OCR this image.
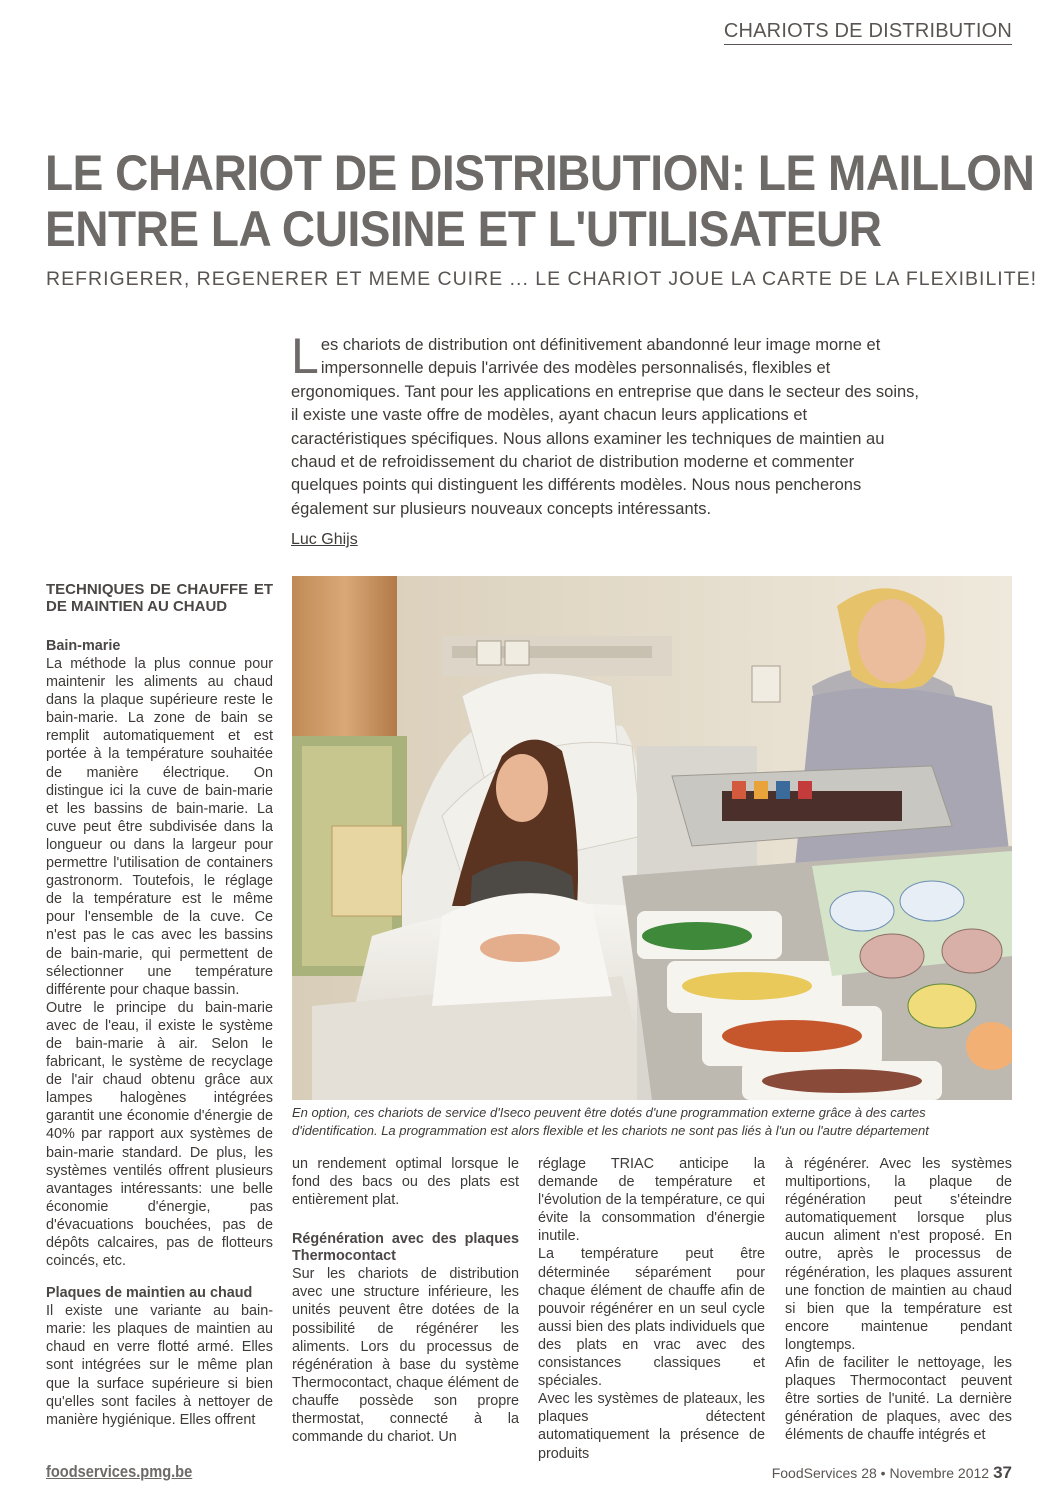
CHARIOTS DE DISTRIBUTION
LE CHARIOT DE DISTRIBUTION: LE MAILLON
ENTRE LA CUISINE ET L'UTILISATEUR
REFRIGERER, REGENERER ET MEME CUIRE ... LE CHARIOT JOUE LA CARTE DE LA FLEXIBILITE!
L es chariots de distribution ont définitivement abandonné leur image morne et impersonnelle depuis l'arrivée des modèles personnalisés, flexibles et ergonomiques. Tant pour les applications en entreprise que dans le secteur des soins, il existe une vaste offre de modèles, ayant chacun leurs applications et caractéristiques spécifiques. Nous allons examiner les techniques de maintien au chaud et de refroidissement du chariot de distribution moderne et commenter quelques points qui distinguent les différents modèles. Nous nous pencherons également sur plusieurs nouveaux concepts intéressants.
Luc Ghijs
TECHNIQUES DE CHAUFFE ET DE MAINTIEN AU CHAUD
Bain-marie

La méthode la plus connue pour maintenir les aliments au chaud dans la plaque supérieure reste le bain-marie. La zone de bain se remplit automatiquement et est portée à la température souhaitée de manière électrique. On distingue ici la cuve de bain-marie et les bassins de bain-marie. La cuve peut être subdivisée dans la longueur ou dans la largeur pour permettre l'utilisation de containers gastronorm. Toutefois, le réglage de la température est le même pour l'ensemble de la cuve. Ce n'est pas le cas avec les bassins de bain-marie, qui permettent de sélectionner une température différente pour chaque bassin.

Outre le principe du bain-marie avec de l'eau, il existe le système de bain-marie à air. Selon le fabricant, le système de recyclage de l'air chaud obtenu grâce aux lampes halogènes intégrées garantit une économie d'énergie de 40% par rapport aux systèmes de bain-marie standard. De plus, les systèmes ventilés offrent plusieurs avantages intéressants: une belle économie d'énergie, pas d'évacuations bouchées, pas de dépôts calcaires, pas de flotteurs coincés, etc.

Plaques de maintien au chaud

Il existe une variante au bain-marie: les plaques de maintien au chaud en verre flotté armé. Elles sont intégrées sur le même plan que la surface supérieure si bien qu'elles sont faciles à nettoyer de manière hygiénique. Elles offrent

En option, ces chariots de service d'Iseco peuvent être dotés d'une programmation externe grâce à des cartes d'identification. La programmation est alors flexible et les chariots ne sont pas liés à l'un ou l'autre département

un rendement optimal lorsque le fond des bacs ou des plats est entièrement plat.

Régénération avec des plaques Thermocontact

Sur les chariots de distribution avec une structure inférieure, les unités peuvent être dotées de la possibilité de régénérer les aliments. Lors du processus de régénération à base du système Thermocontact, chaque élément de chauffe possède son propre thermostat, connecté à la commande du chariot. Un

réglage TRIAC anticipe la demande de température et l'évolution de la température, ce qui évite la consommation d'énergie inutile.

La température peut être déterminée séparément pour chaque élément de chauffe afin de pouvoir régénérer en un seul cycle aussi bien des plats individuels que des plats en vrac avec des consistances classiques et spéciales.

Avec les systèmes de plateaux, les plaques détectent automatiquement la présence de produits

à régénérer. Avec les systèmes multiportions, la plaque de régénération peut s'éteindre automatiquement lorsque plus aucun aliment n'est proposé. En outre, après le processus de régénération, les plaques assurent une fonction de maintien au chaud si bien que la température est encore maintenue pendant longtemps.

Afin de faciliter le nettoyage, les plaques Thermocontact peuvent être sorties de l'unité. La dernière génération de plaques, avec des éléments de chauffe intégrés et

foodservices.pmg.be	FoodServices 28 • Novembre 2012 37
